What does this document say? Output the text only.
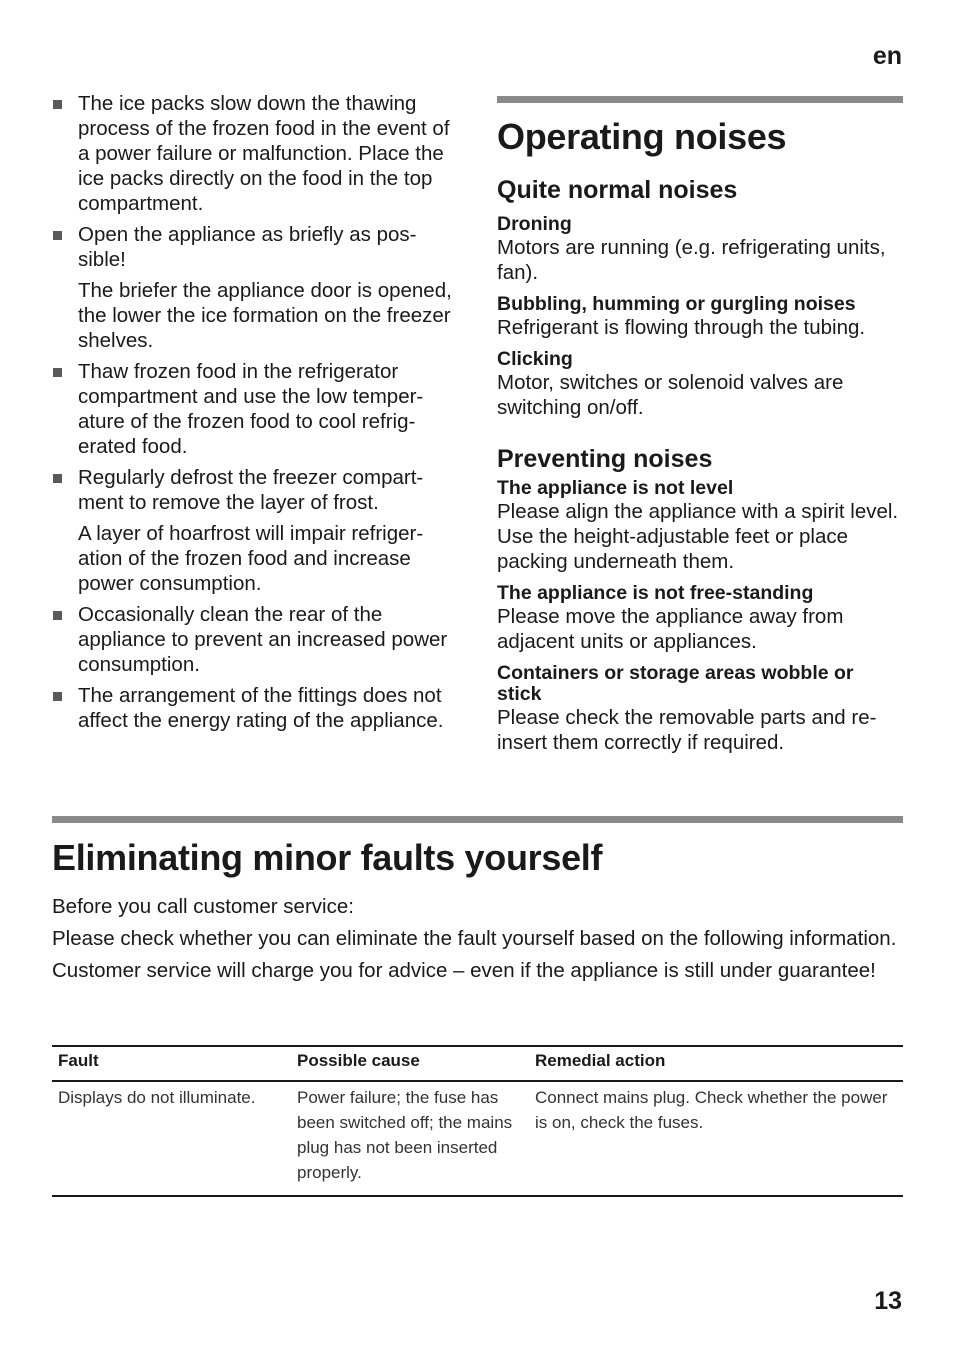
en
The ice packs slow down the thawing process of the frozen food in the event of a power failure or malfunction. Place the ice packs directly on the food in the top compartment.
Open the appliance as briefly as pos-sible!
The briefer the appliance door is opened, the lower the ice formation on the freezer shelves.
Thaw frozen food in the refrigerator compartment and use the low temper-ature of the frozen food to cool refrig-erated food.
Regularly defrost the freezer compart-ment to remove the layer of frost.
A layer of hoarfrost will impair refriger-ation of the frozen food and increase power consumption.
Occasionally clean the rear of the appliance to prevent an increased power consumption.
The arrangement of the fittings does not affect the energy rating of the appliance.
Operating noises
Quite normal noises
Droning
Motors are running (e.g. refrigerating units, fan).
Bubbling, humming or gurgling noises
Refrigerant is flowing through the tubing.
Clicking
Motor, switches or solenoid valves are switching on/off.
Preventing noises
The appliance is not level
Please align the appliance with a spirit level. Use the height-adjustable feet or place packing underneath them.
The appliance is not free-standing
Please move the appliance away from adjacent units or appliances.
Containers or storage areas wobble or stick
Please check the removable parts and re-insert them correctly if required.
Eliminating minor faults yourself
Before you call customer service:
Please check whether you can eliminate the fault yourself based on the following information.
Customer service will charge you for advice – even if the appliance is still under guarantee!
Fault	Possible cause	Remedial action
Displays do not illuminate.	Power failure; the fuse has been switched off; the mains plug has not been inserted properly.	Connect mains plug. Check whether the power is on, check the fuses.
13
